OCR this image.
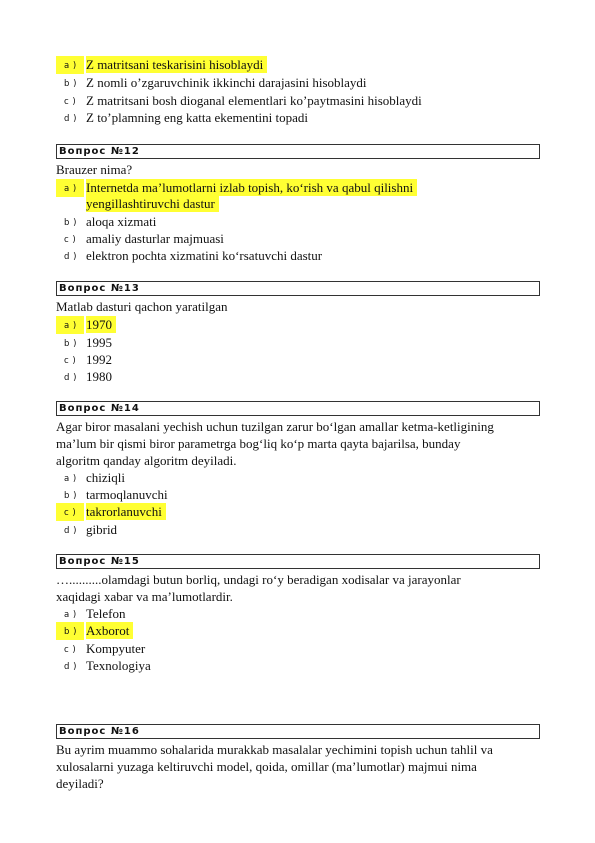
a ) Z matritsani teskarisini hisoblaydi
b ) Z nomli o’zgaruvchinik ikkinchi darajasini hisoblaydi
c ) Z matritsani bosh dioganal elementlari ko’paytmasini hisoblaydi
d ) Z to’plamning eng katta ekementini topadi
Вопрос №12
Brauzer nima?
a ) Internetda ma’lumotlarni izlab topish, ko‘rish va qabul qilishni
yengillashtiruvchi dastur
b ) aloqa xizmati
c ) amaliy dasturlar majmuasi
d ) elektron pochta xizmatini ko‘rsatuvchi dastur
Вопрос №13
Matlab dasturi qachon yaratilgan
a ) 1970
b ) 1995
c ) 1992
d ) 1980
Вопрос №14
Agar biror masalani yechish uchun tuzilgan zarur bo‘lgan amallar ketma-ketligining
ma’lum bir qismi biror parametrga bog‘liq ko‘p marta qayta bajarilsa, bunday
algoritm qanday algoritm deyiladi.
a ) chiziqli
b ) tarmoqlanuvchi
c ) takrorlanuvchi
d ) gibrid
Вопрос №15
…..........olamdagi butun borliq, undagi ro‘y beradigan xodisalar va jarayonlar
xaqidagi xabar va ma’lumotlardir.
a ) Telefon
b ) Axborot
c ) Kompyuter
d ) Texnologiya
Вопрос №16
Bu ayrim muammo sohalarida murakkab masalalar yechimini topish uchun tahlil va
xulosalarni yuzaga keltiruvchi model, qoida, omillar (ma’lumotlar) majmui nima
deyiladi?
